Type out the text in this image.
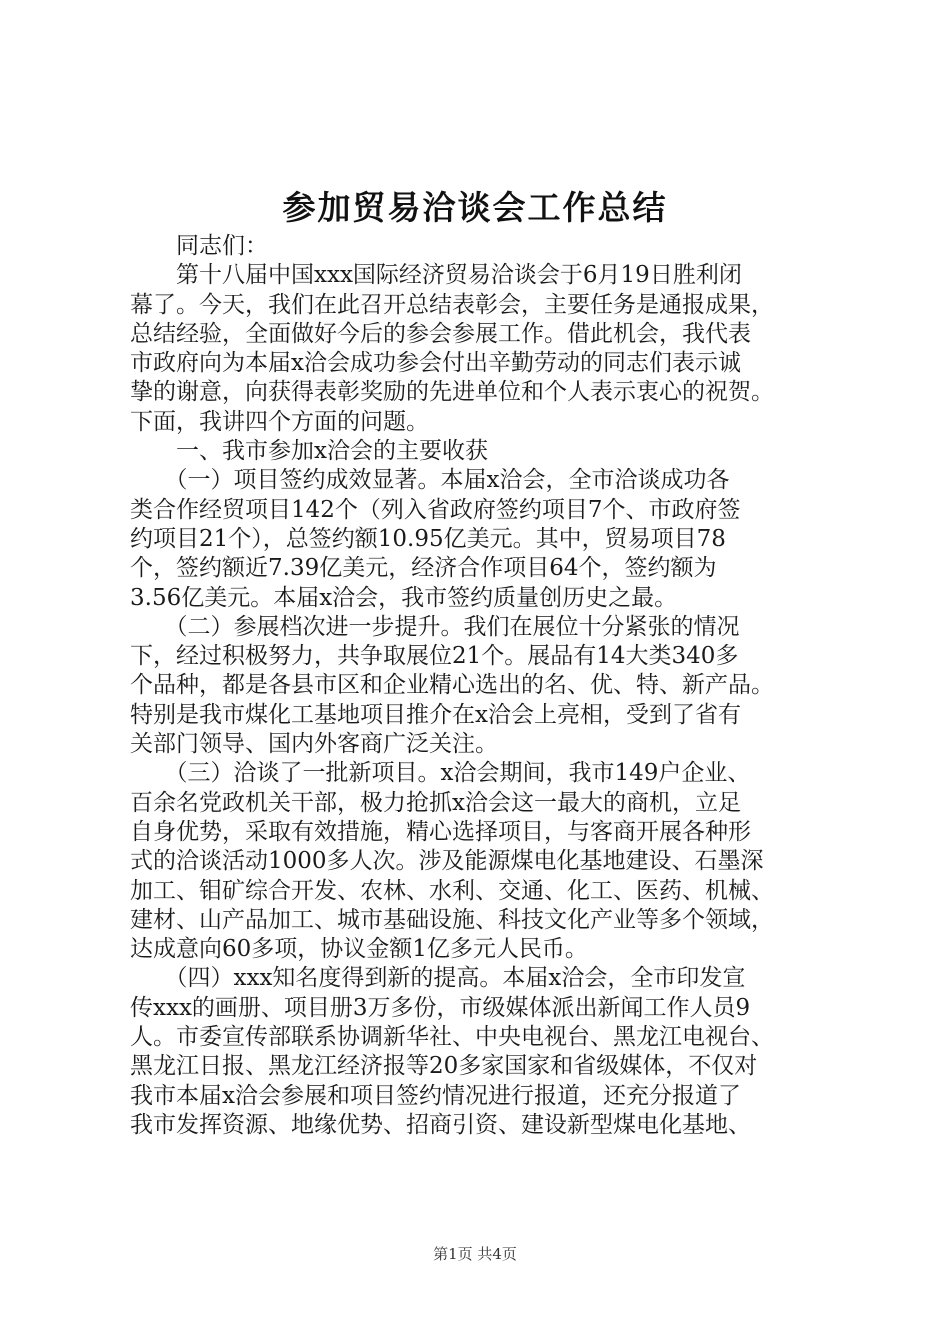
参加贸易洽谈会工作总结
　　同志们：
　　第十八届中国xxx国际经济贸易洽谈会于6月19日胜利闭
幕了。今天，我们在此召开总结表彰会，主要任务是通报成果，
总结经验，全面做好今后的参会参展工作。借此机会，我代表
市政府向为本届x洽会成功参会付出辛勤劳动的同志们表示诚
挚的谢意，向获得表彰奖励的先进单位和个人表示衷心的祝贺。
下面，我讲四个方面的问题。
　　一、我市参加x洽会的主要收获
　　（一）项目签约成效显著。本届x洽会，全市洽谈成功各
类合作经贸项目142个（列入省政府签约项目7个、市政府签
约项目21个），总签约额10.95亿美元。其中，贸易项目78
个，签约额近7.39亿美元，经济合作项目64个，签约额为
3.56亿美元。本届x洽会，我市签约质量创历史之最。
　　（二）参展档次进一步提升。我们在展位十分紧张的情况
下，经过积极努力，共争取展位21个。展品有14大类340多
个品种，都是各县市区和企业精心选出的名、优、特、新产品。
特别是我市煤化工基地项目推介在x洽会上亮相，受到了省有
关部门领导、国内外客商广泛关注。
　　（三）洽谈了一批新项目。x洽会期间，我市149户企业、
百余名党政机关干部，极力抢抓x洽会这一最大的商机，立足
自身优势，采取有效措施，精心选择项目，与客商开展各种形
式的洽谈活动1000多人次。涉及能源煤电化基地建设、石墨深
加工、钼矿综合开发、农林、水利、交通、化工、医药、机械、
建材、山产品加工、城市基础设施、科技文化产业等多个领域，
达成意向60多项，协议金额1亿多元人民币。
　　（四）xxx知名度得到新的提高。本届x洽会，全市印发宣
传xxx的画册、项目册3万多份，市级媒体派出新闻工作人员9
人。市委宣传部联系协调新华社、中央电视台、黑龙江电视台、
黑龙江日报、黑龙江经济报等20多家国家和省级媒体，不仅对
我市本届x洽会参展和项目签约情况进行报道，还充分报道了
我市发挥资源、地缘优势、招商引资、建设新型煤电化基地、
第1页 共4页
